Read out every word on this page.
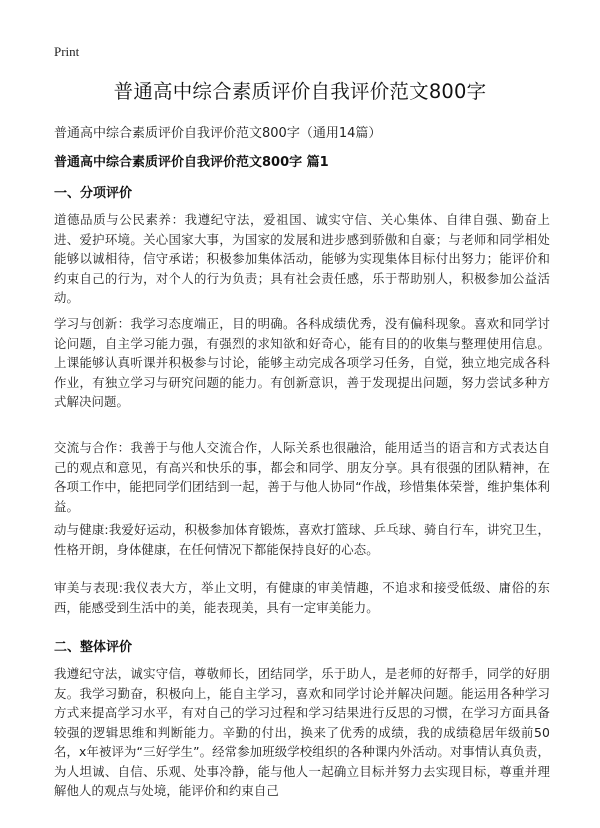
Print
普通高中综合素质评价自我评价范文800字
普通高中综合素质评价自我评价范文800字（通用14篇）
普通高中综合素质评价自我评价范文800字 篇1
一、分项评价
道德品质与公民素养：我遵纪守法，爱祖国、诚实守信、关心集体、自律自强、勤奋上进、爱护环境。关心国家大事，为国家的发展和进步感到骄傲和自豪；与老师和同学相处能够以诚相待，信守承诺；积极参加集体活动，能够为实现集体目标付出努力；能评价和约束自己的行为，对个人的行为负责；具有社会责任感，乐于帮助别人，积极参加公益活动。
学习与创新：我学习态度端正，目的明确。各科成绩优秀，没有偏科现象。喜欢和同学讨论问题，自主学习能力强，有强烈的求知欲和好奇心，能有目的的收集与整理使用信息。上课能够认真听课并积极参与讨论，能够主动完成各项学习任务，自觉，独立地完成各科作业，有独立学习与研究问题的能力。有创新意识，善于发现提出问题，努力尝试多种方式解决问题。
交流与合作：我善于与他人交流合作，人际关系也很融洽，能用适当的语言和方式表达自己的观点和意见，有高兴和快乐的事，都会和同学、朋友分享。具有很强的团队精神，在各项工作中，能把同学们团结到一起，善于与他人协同“作战，珍惜集体荣誉，维护集体利益。
动与健康:我爱好运动，积极参加体育锻炼，喜欢打篮球、乒乓球、骑自行车，讲究卫生，性格开朗，身体健康，在任何情况下都能保持良好的心态。
审美与表现:我仪表大方，举止文明，有健康的审美情趣，不追求和接受低级、庸俗的东西，能感受到生活中的美，能表现美，具有一定审美能力。
二、整体评价
我遵纪守法，诚实守信，尊敬师长，团结同学，乐于助人，是老师的好帮手，同学的好朋友。我学习勤奋，积极向上，能自主学习，喜欢和同学讨论并解决问题。能运用各种学习方式来提高学习水平，有对自己的学习过程和学习结果进行反思的习惯，在学习方面具备较强的逻辑思维和判断能力。辛勤的付出，换来了优秀的成绩，我的成绩稳居年级前50名，x年被评为“三好学生”。经常参加班级学校组织的各种课内外活动。对事情认真负责，为人坦诚、自信、乐观、处事冷静，能与他人一起确立目标并努力去实现目标，尊重并理解他人的观点与处境，能评价和约束自己
